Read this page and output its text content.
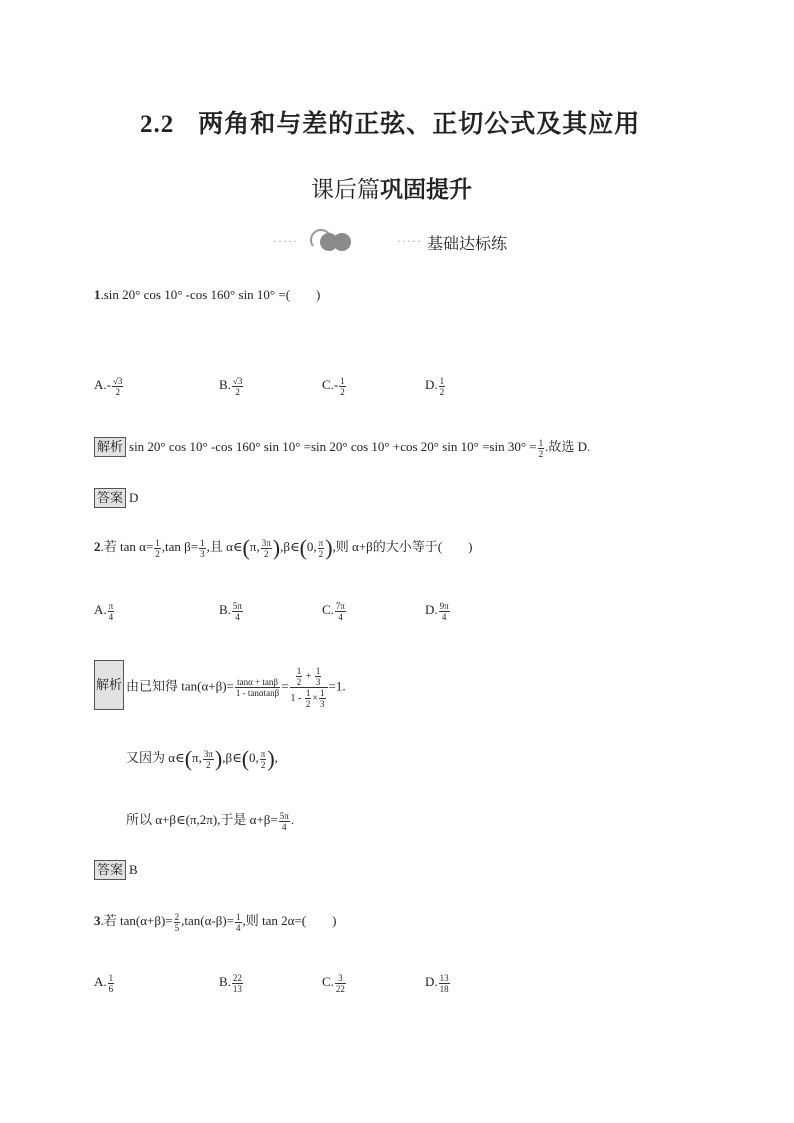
2.2 两角和与差的正弦、正切公式及其应用
课后篇巩固提升
·····	····· 基础达标练
1.sin 20° cos 10° -cos 160° sin 10° =(　　)
$A.- \frac{√3}{2}$	B. $\frac{√3}{2}$	$C.- \frac{1}{2}$	D. $\frac{1}{2}$
解析 sin 20° cos 10° -cos 160° sin 10° =sin 20° cos 10° +cos 20° sin 10° =sin $30^\circ = \frac{1}{2}$ .故选 D.
答案 D
2.若 $\tan \alpha= \frac{1}{2} ,\tan$ $\beta= \frac{1}{3}$ ,且 α∈(π, $\frac{3\pi}{2}$ ),β∈(0, $\frac{\pi}{2}$ ),则 α+β的大小等于(　　)
A. $\frac{\pi}{4}$	B. $\frac{5\pi}{4}$	C. $\frac{7\pi}{4}$	D. $\frac{9\pi}{4}$
解析 由已知得 $\tan(\alpha+\beta)= \frac{\tan\alpha + \tan\beta}{1 - \tan\alpha\tan\beta} = \frac{\frac{1}{2} + \frac{1}{3}}{1 - \frac{1}{2} \times \frac{1}{3}} =1$.
又因为 α∈(π, $\frac{3\pi}{2}$ ),β∈(0, $\frac{\pi}{2}$ ),
所以 α+β∈(π,2π),于是 $\alpha+\beta= \frac{5\pi}{4}$ .
答案 B
3.若 $\tan(\alpha+\beta)= \frac{2}{5} ,\tan(\alpha-\beta)= \frac{1}{4}$ ,则 tan 2α=(　　)
A. $\frac{1}{6}$	B. $\frac{22}{13}$	C. $\frac{3}{22}$	D. $\frac{13}{18}$
